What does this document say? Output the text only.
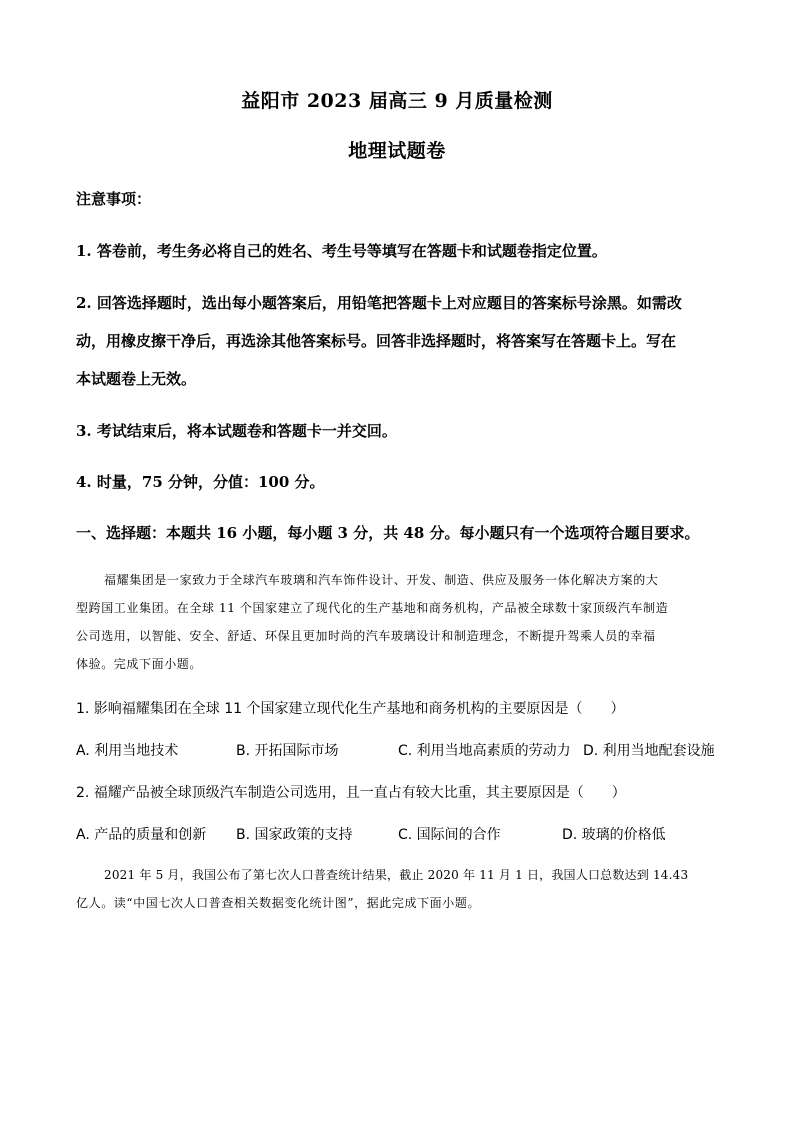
益阳市 2023 届高三 9 月质量检测
地理试题卷
注意事项：
1. 答卷前，考生务必将自己的姓名、考生号等填写在答题卡和试题卷指定位置。
2. 回答选择题时，选出每小题答案后，用铅笔把答题卡上对应题目的答案标号涂黑。如需改
动，用橡皮擦干净后，再选涂其他答案标号。回答非选择题时，将答案写在答题卡上。写在
本试题卷上无效。
3. 考试结束后，将本试题卷和答题卡一并交回。
4. 时量，75 分钟，分值：100 分。
一、选择题：本题共 16 小题，每小题 3 分，共 48 分。每小题只有一个选项符合题目要求。
福耀集团是一家致力于全球汽车玻璃和汽车饰件设计、开发、制造、供应及服务一体化解决方案的大
型跨国工业集团。在全球 11 个国家建立了现代化的生产基地和商务机构，产品被全球数十家顶级汽车制造
公司选用，以智能、安全、舒适、环保且更加时尚的汽车玻璃设计和制造理念，不断提升驾乘人员的幸福
体验。完成下面小题。
1. 影响福耀集团在全球 11 个国家建立现代化生产基地和商务机构的主要原因是（　　）
A. 利用当地技术	B. 开拓国际市场	C. 利用当地高素质的劳动力 D. 利用当地配套设施
2. 福耀产品被全球顶级汽车制造公司选用，且一直占有较大比重，其主要原因是（　　）
A. 产品的质量和创新 B. 国家政策的支持	C. 国际间的合作	D. 玻璃的价格低
2021 年 5 月，我国公布了第七次人口普查统计结果，截止 2020 年 11 月 1 日，我国人口总数达到 14.43
亿人。读“中国七次人口普查相关数据变化统计图”，据此完成下面小题。
